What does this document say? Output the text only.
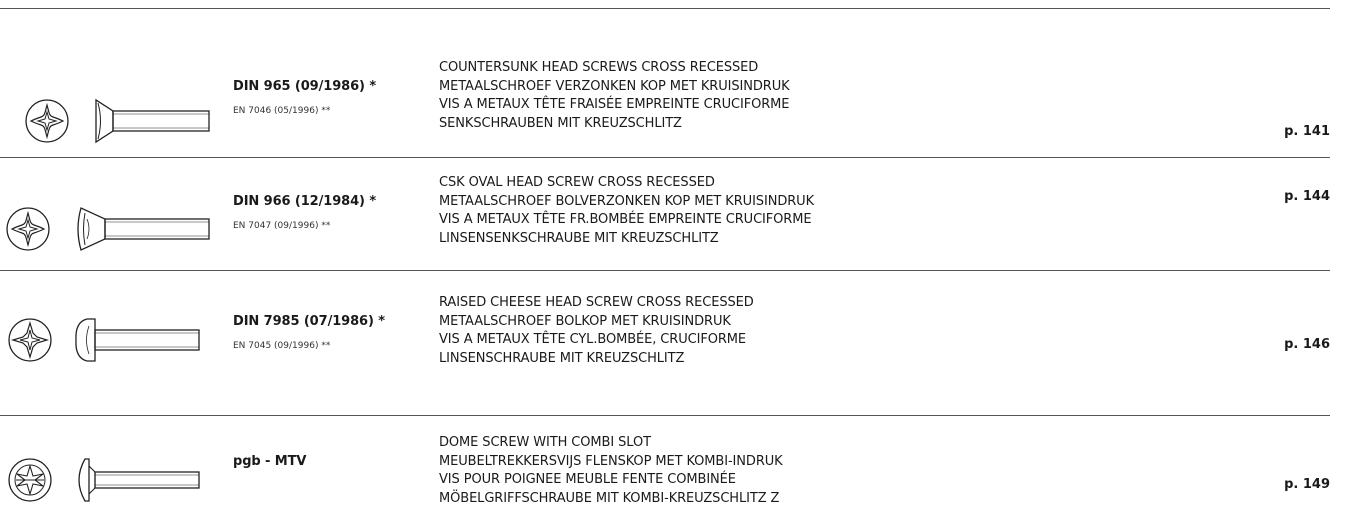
DIN 965 (09/1986) *
EN 7046 (05/1996) **
COUNTERSUNK HEAD SCREWS CROSS RECESSED
METAALSCHROEF VERZONKEN KOP MET KRUISINDRUK
VIS A METAUX TÊTE FRAISÉE EMPREINTE CRUCIFORME
SENKSCHRAUBEN MIT KREUZSCHLITZ
p. 141
DIN 966 (12/1984) *
EN 7047 (09/1996) **
CSK OVAL HEAD SCREW CROSS RECESSED
METAALSCHROEF BOLVERZONKEN KOP MET KRUISINDRUK
VIS A METAUX TÊTE FR.BOMBÉE EMPREINTE CRUCIFORME
LINSENSENKSCHRAUBE MIT KREUZSCHLITZ
p. 144
DIN 7985 (07/1986) *
EN 7045 (09/1996) **
RAISED CHEESE HEAD SCREW CROSS RECESSED
METAALSCHROEF BOLKOP MET KRUISINDRUK
VIS A METAUX TÊTE CYL.BOMBÉE, CRUCIFORME
LINSENSCHRAUBE MIT KREUZSCHLITZ
p. 146
pgb - MTV
DOME SCREW WITH COMBI SLOT
MEUBELTREKKERSVIJS FLENSKOP MET KOMBI-INDRUK
VIS POUR POIGNEE MEUBLE FENTE COMBINÉE
MÖBELGRIFFSCHRAUBE MIT KOMBI-KREUZSCHLITZ Z
p. 149
